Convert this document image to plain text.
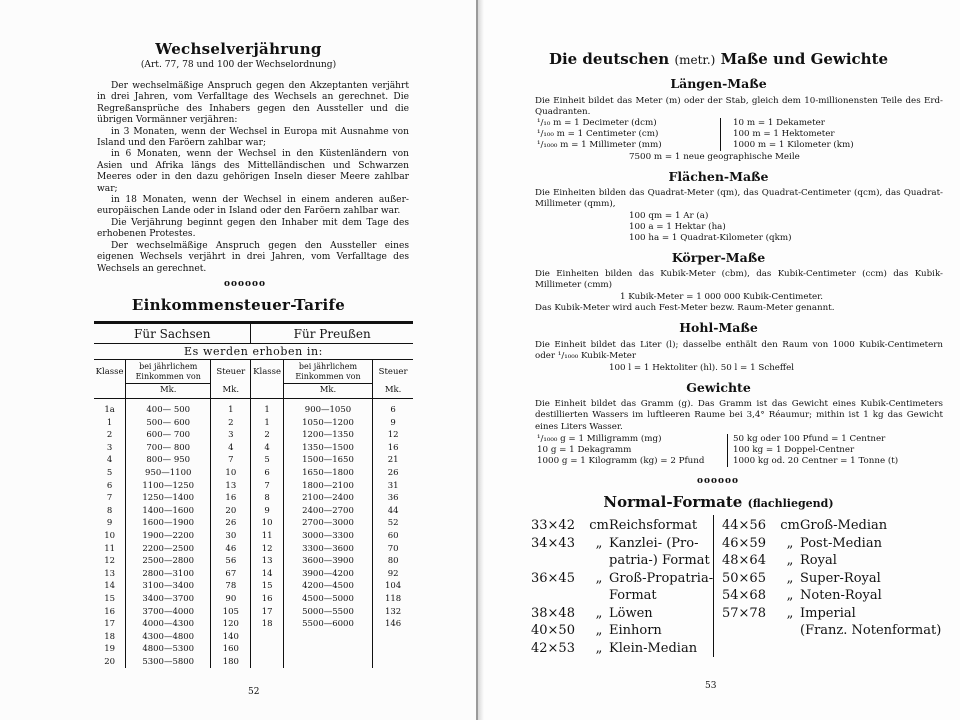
Wechselverjährung
(Art. 77, 78 und 100 der Wechselordnung)

Der wechselmäßige Anspruch gegen den Akzeptanten verjährt in drei Jahren, vom Verfalltage des Wechsels an gerechnet. Die Regreßansprüche des Inhabers gegen den Aussteller und die übrigen Vormänner verjähren:

in 3 Monaten, wenn der Wechsel in Europa mit Ausnahme von Island und den Faröern zahlbar war;

in 6 Monaten, wenn der Wechsel in den Küstenländern von Asien und Afrika längs des Mittelländischen und Schwarzen Meeres oder in den dazu gehörigen Inseln dieser Meere zahlbar war;

in 18 Monaten, wenn der Wechsel in einem anderen außer-europäischen Lande oder in Island oder den Faröern zahlbar war.

Die Verjährung beginnt gegen den Inhaber mit dem Tage des erhobenen Protestes.

Der wechselmäßige Anspruch gegen den Aussteller eines eigenen Wechsels verjährt in drei Jahren, vom Verfalltage des Wechsels an gerechnet.

oooooo
Einkommensteuer-Tarife
Für Sachsen			Für Preußen		
Es werden erhoben in:					
Klasse	bei jährlichem Einkommen von	Steuer	Klasse	bei jährlichem Einkommen von	Steuer
	Mk.	Mk.		Mk.	Mk.
1a	400— 500	1	1	900—1050	6
1	500— 600	2	1	1050—1200	9
2	600— 700	3	2	1200—1350	12
3	700— 800	4	4	1350—1500	16
4	800— 950	7	5	1500—1650	21
5	950—1100	10	6	1650—1800	26
6	1100—1250	13	7	1800—2100	31
7	1250—1400	16	8	2100—2400	36
8	1400—1600	20	9	2400—2700	44
9	1600—1900	26	10	2700—3000	52
10	1900—2200	30	11	3000—3300	60
11	2200—2500	46	12	3300—3600	70
12	2500—2800	56	13	3600—3900	80
13	2800—3100	67	14	3900—4200	92
14	3100—3400	78	15	4200—4500	104
15	3400—3700	90	16	4500—5000	118
16	3700—4000	105	17	5000—5500	132
17	4000—4300	120	18	5500—6000	146
18	4300—4800	140			
19	4800—5300	160			
20	5300—5800	180			
52
Die deutschen (metr.) Maße und Gewichte
Längen-Maße
Die Einheit bildet das Meter (m) oder der Stab, gleich dem 10-millionensten Teile des Erd-Quadranten.
¹/₁₀ m = 1 Decimeter (dcm)
¹/₁₀₀ m = 1 Centimeter (cm)
¹/₁₀₀₀ m = 1 Millimeter (mm)
10 m = 1 Dekameter
100 m = 1 Hektometer
1000 m = 1 Kilometer (km)
7500 m = 1 neue geographische Meile
Flächen-Maße
Die Einheiten bilden das Quadrat-Meter (qm), das Quadrat-Centimeter (qcm), das Quadrat-Millimeter (qmm),
100 qm = 1 Ar (a)
100 a = 1 Hektar (ha)
100 ha = 1 Quadrat-Kilometer (qkm)
Körper-Maße
Die Einheiten bilden das Kubik-Meter (cbm), das Kubik-Centimeter (ccm) das Kubik-Millimeter (cmm)
1 Kubik-Meter = 1 000 000 Kubik-Centimeter.
Das Kubik-Meter wird auch Fest-Meter bezw. Raum-Meter genannt.
Hohl-Maße
Die Einheit bildet das Liter (l); dasselbe enthält den Raum von 1000 Kubik-Centimetern oder ¹/₁₀₀₀ Kubik-Meter
100 l = 1 Hektoliter (hl). 50 l = 1 Scheffel
Gewichte
Die Einheit bildet das Gramm (g). Das Gramm ist das Gewicht eines Kubik-Centimeters destillierten Wassers im luftleeren Raume bei 3,4° Réaumur; mithin ist 1 kg das Gewicht eines Liters Wasser.
¹/₁₀₀₀ g = 1 Milligramm (mg)
10 g = 1 Dekagramm
1000 g = 1 Kilogramm (kg) = 2 Pfund
50 kg oder 100 Pfund = 1 Centner
100 kg = 1 Doppel-Centner
1000 kg od. 20 Centner = 1 Tonne (t)
oooooo
Normal-Formate (flachliegend)
33×42	cm Reichsformat
34×43	„ Kanzlei- (Pro-
patria-) Format
36×45	„ Groß-Propatria-
Format
38×48	„ Löwen
40×50	„ Einhorn
42×53	„ Klein-Median
44×56	cm Groß-Median
46×59	„ Post-Median
48×64	„ Royal
50×65	„ Super-Royal
54×68	„ Noten-Royal
57×78	„ Imperial
(Franz. Notenformat)
53
